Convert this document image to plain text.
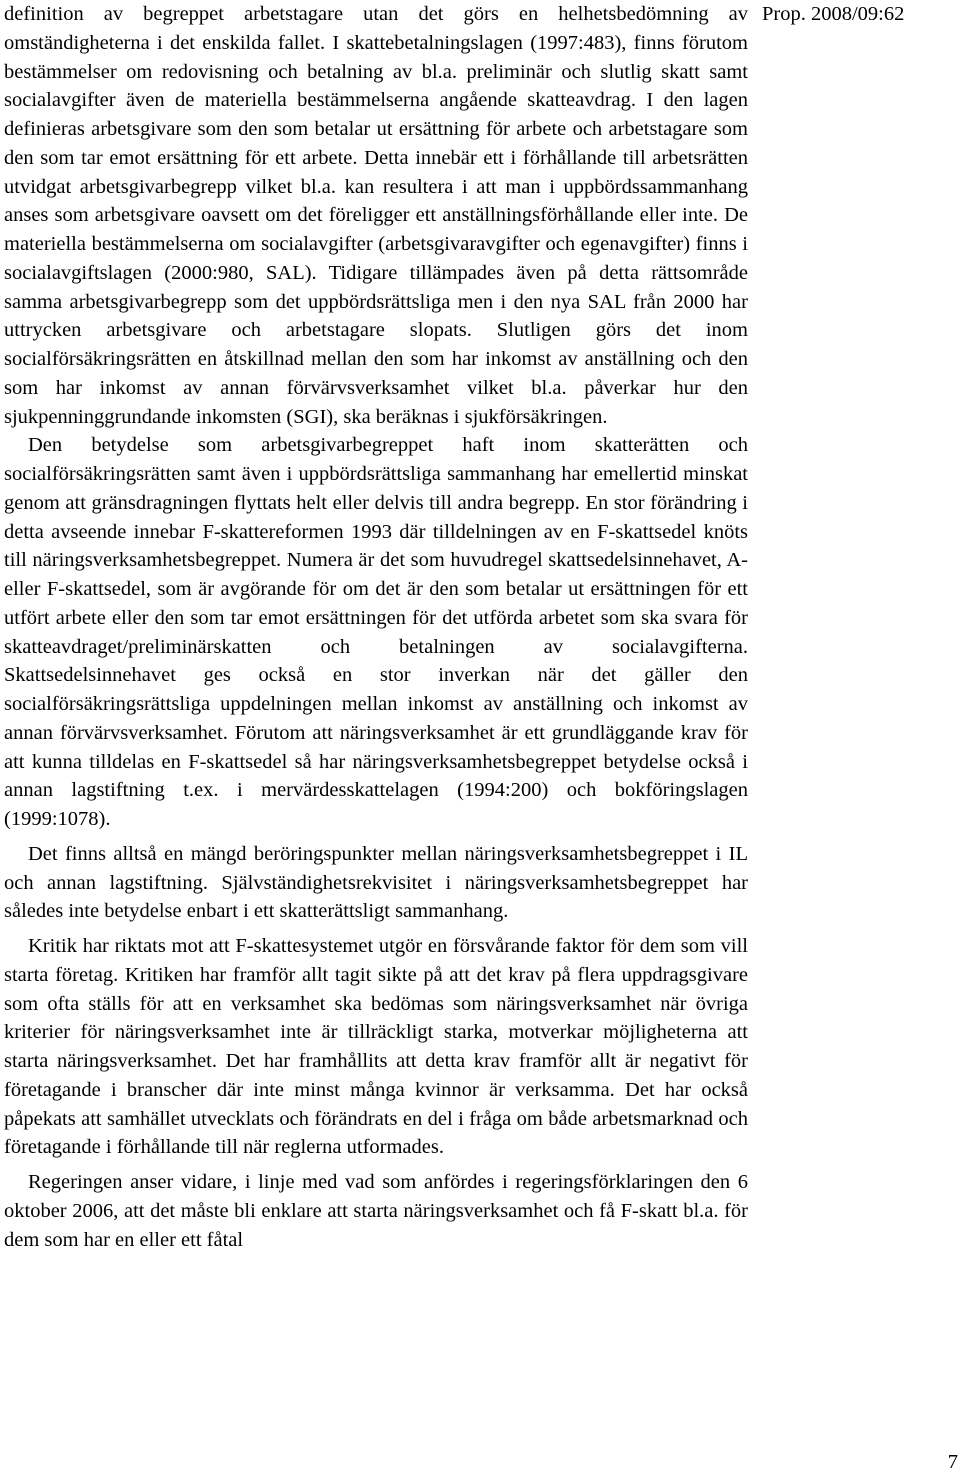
definition av begreppet arbetstagare utan det görs en helhetsbedömning av omständigheterna i det enskilda fallet. I skattebetalningslagen (1997:483), finns förutom bestämmelser om redovisning och betalning av bl.a. preliminär och slutlig skatt samt socialavgifter även de materiella bestämmelserna angående skatteavdrag. I den lagen definieras arbetsgivare som den som betalar ut ersättning för arbete och arbetstagare som den som tar emot ersättning för ett arbete. Detta innebär ett i förhållande till arbetsrätten utvidgat arbetsgivarbegrepp vilket bl.a. kan resultera i att man i uppbördssammanhang anses som arbetsgivare oavsett om det föreligger ett anställningsförhållande eller inte. De materiella bestämmelserna om socialavgifter (arbetsgivaravgifter och egenavgifter) finns i socialavgiftslagen (2000:980, SAL). Tidigare tillämpades även på detta rättsområde samma arbetsgivarbegrepp som det uppbördsrättsliga men i den nya SAL från 2000 har uttrycken arbetsgivare och arbetstagare slopats. Slutligen görs det inom socialförsäkringsrätten en åtskillnad mellan den som har inkomst av anställning och den som har inkomst av annan förvärvsverksamhet vilket bl.a. påverkar hur den sjukpenninggrundande inkomsten (SGI), ska beräknas i sjukförsäkringen.

Den betydelse som arbetsgivarbegreppet haft inom skatterätten och socialförsäkringsrätten samt även i uppbördsrättsliga sammanhang har emellertid minskat genom att gränsdragningen flyttats helt eller delvis till andra begrepp. En stor förändring i detta avseende innebar F-skattereformen 1993 där tilldelningen av en F-skattsedel knöts till näringsverksamhetsbegreppet. Numera är det som huvudregel skattsedelsinnehavet, A- eller F-skattsedel, som är avgörande för om det är den som betalar ut ersättningen för ett utfört arbete eller den som tar emot ersättningen för det utförda arbetet som ska svara för skatteavdraget/preliminärskatten och betalningen av socialavgifterna. Skattsedelsinnehavet ges också en stor inverkan när det gäller den socialförsäkringsrättsliga uppdelningen mellan inkomst av anställning och inkomst av annan förvärvsverksamhet. Förutom att näringsverksamhet är ett grundläggande krav för att kunna tilldelas en F-skattsedel så har näringsverksamhetsbegreppet betydelse också i annan lagstiftning t.ex. i mervärdesskattelagen (1994:200) och bokföringslagen (1999:1078).

Det finns alltså en mängd beröringspunkter mellan näringsverksamhetsbegreppet i IL och annan lagstiftning. Självständighetsrekvisitet i näringsverksamhetsbegreppet har således inte betydelse enbart i ett skatterättsligt sammanhang.

Kritik har riktats mot att F-skattesystemet utgör en försvårande faktor för dem som vill starta företag. Kritiken har framför allt tagit sikte på att det krav på flera uppdragsgivare som ofta ställs för att en verksamhet ska bedömas som näringsverksamhet när övriga kriterier för näringsverksamhet inte är tillräckligt starka, motverkar möjligheterna att starta näringsverksamhet. Det har framhållits att detta krav framför allt är negativt för företagande i branscher där inte minst många kvinnor är verksamma. Det har också påpekats att samhället utvecklats och förändrats en del i fråga om både arbetsmarknad och företagande i förhållande till när reglerna utformades.

Regeringen anser vidare, i linje med vad som anfördes i regeringsförklaringen den 6 oktober 2006, att det måste bli enklare att starta näringsverksamhet och få F-skatt bl.a. för dem som har en eller ett fåtal

Prop. 2008/09:62
7
